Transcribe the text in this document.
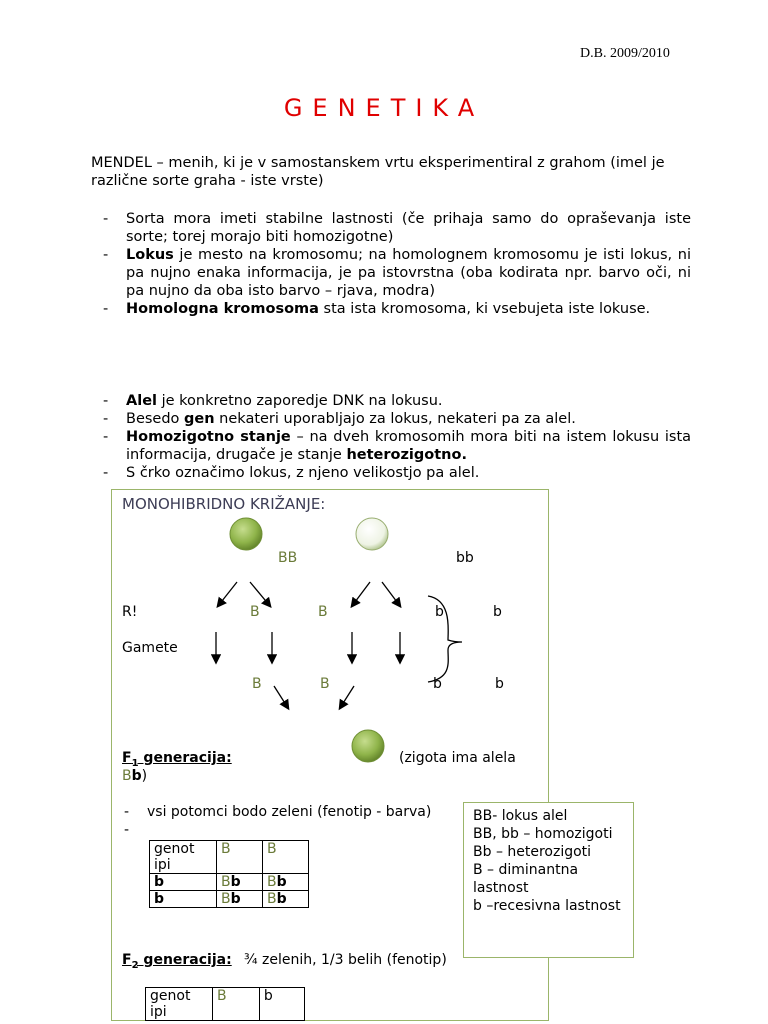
D.B. 2009/2010
GENETIKA
MENDEL – menih, ki je v samostanskem vrtu eksperimentiral z grahom (imel je različne sorte graha - iste vrste)
- Sorta mora imeti stabilne lastnosti (če prihaja samo do opraševanja iste sorte; torej morajo biti homozigotne)
- Lokus je mesto na kromosomu; na homolognem kromosomu je isti lokus, ni pa nujno enaka informacija, je pa istovrstna (oba kodirata npr. barvo oči, ni pa nujno da oba isto barvo – rjava, modra)
- Homologna kromosoma sta ista kromosoma, ki vsebujeta iste lokuse.
- Alel je konkretno zaporedje DNK na lokusu.
- Besedo gen nekateri uporabljajo za lokus, nekateri pa za alel.
- Homozigotno stanje – na dveh kromosomih mora biti na istem lokusu ista informacija, drugače je stanje heterozigotno.
- S črko označimo lokus, z njeno velikostjo pa alel.
MONOHIBRIDNO KRIŽANJE:
BB	bb
R!	B	B	b	b
Gamete
B	B	b	b
$F_1$ generacija:	(zigota ima alela
Bb)
- vsi potomci bodo zeleni (fenotip - barva)
-
genot ipi	B	B
b	Bb	Bb
b	Bb	Bb
$F_2$ generacija: ¾ zelenih, 1/3 belih (fenotip)
genot ipi	B	b
BB- lokus alel
BB, bb – homozigoti
Bb – heterozigoti
B – diminantna lastnost
b –recesivna lastnost
